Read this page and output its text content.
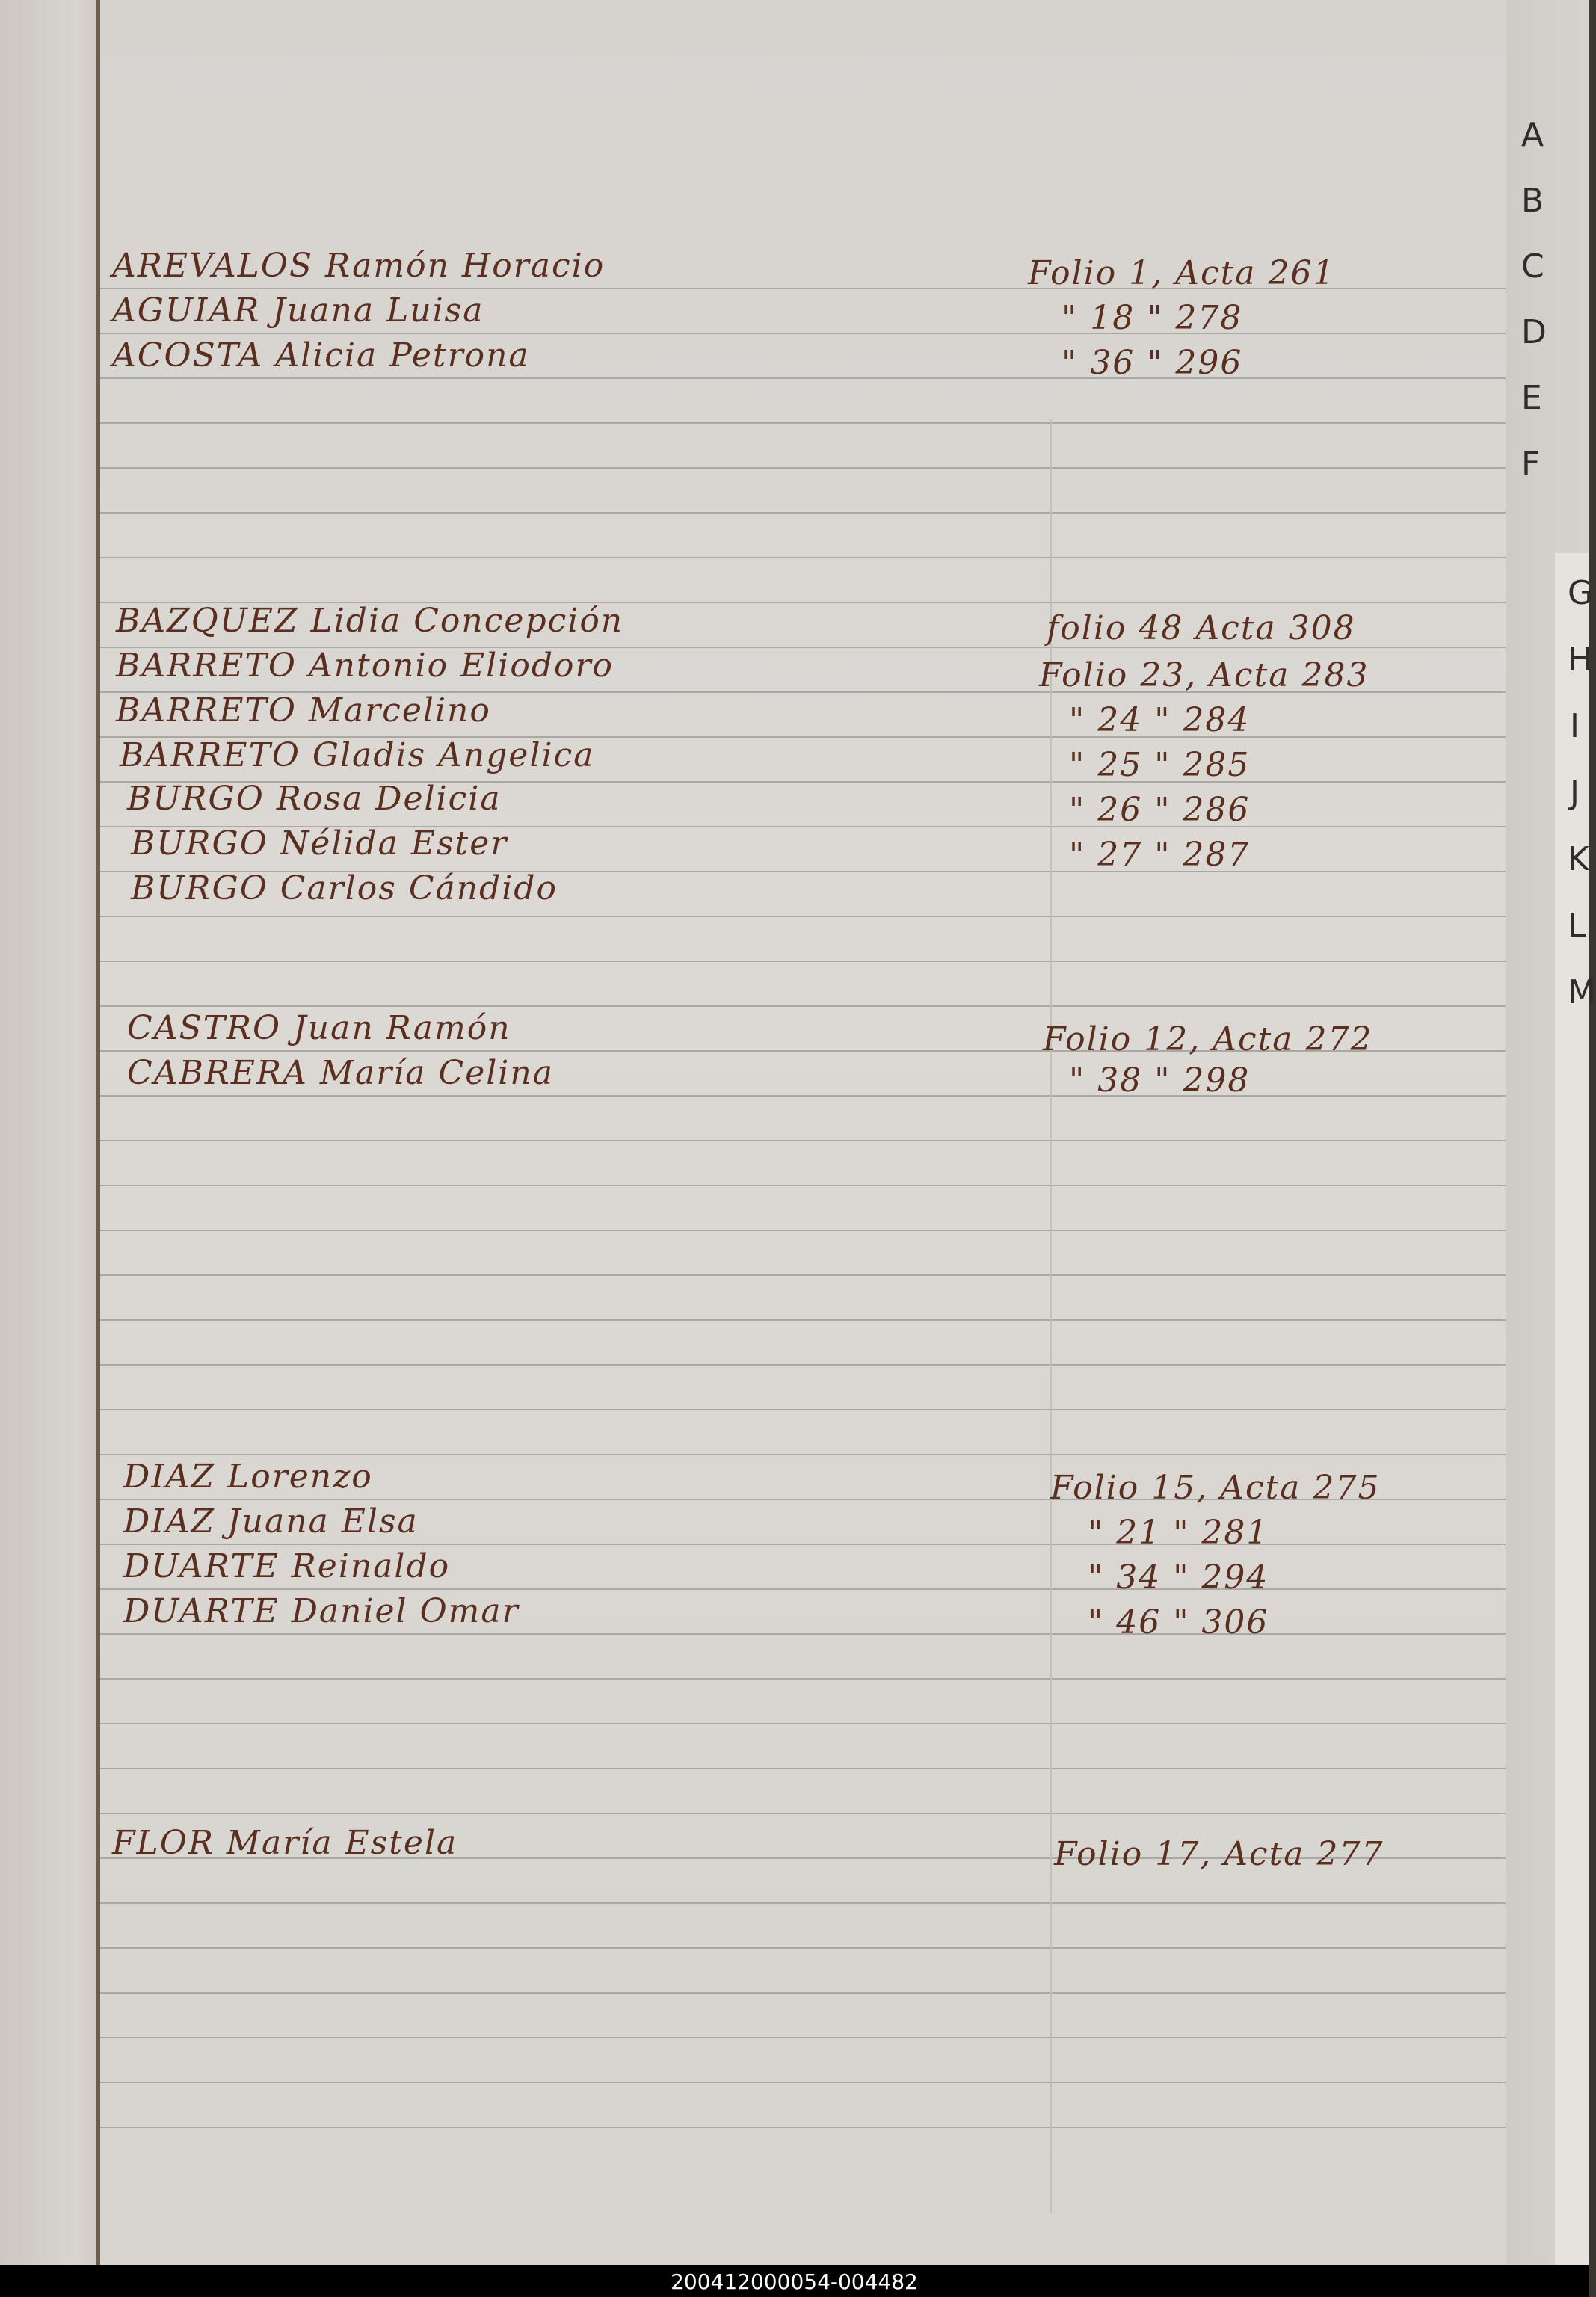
A
B
C
D
E
F
G
H
I
J
K
L
M
AREVALOS Ramón Horacio	Folio 1, Acta 261
AGUIAR Juana Luisa	" 18 " 278
ACOSTA Alicia Petrona	" 36 " 296
BAZQUEZ Lidia Concepción	folio 48 Acta 308
BARRETO Antonio Eliodoro	Folio 23, Acta 283
BARRETO Marcelino	" 24 " 284
BARRETO Gladis Angelica	" 25 " 285
BURGO Rosa Delicia	" 26 " 286
BURGO Nélida Ester	" 27 " 287
BURGO Carlos Cándido
CASTRO Juan Ramón	Folio 12, Acta 272
CABRERA María Celina	" 38 " 298
DIAZ Lorenzo	Folio 15, Acta 275
DIAZ Juana Elsa	" 21 " 281
DUARTE Reinaldo	" 34 " 294
DUARTE Daniel Omar	" 46 " 306
FLOR María Estela	Folio 17, Acta 277
200412000054-004482
